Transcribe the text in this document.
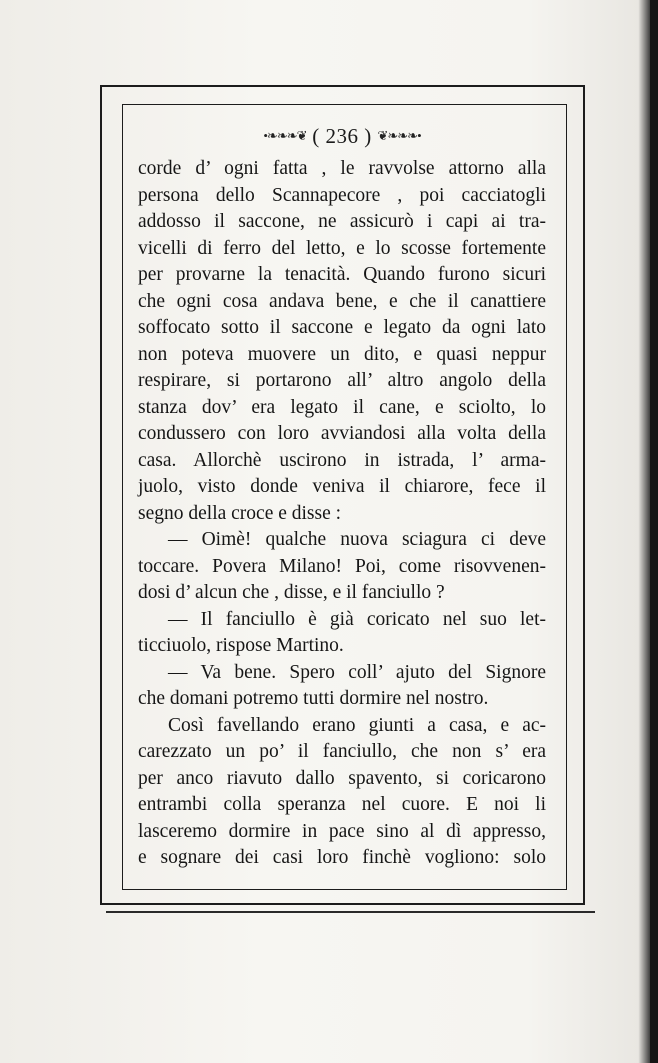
•❧❧❧❦ ( 236 ) ❦❧❧❧•
corde d’ ogni fatta , le ravvolse attorno alla
persona dello Scannapecore , poi cacciatogli
addosso il saccone, ne assicurò i capi ai tra-
vicelli di ferro del letto, e lo scosse fortemente
per provarne la tenacità. Quando furono sicuri
che ogni cosa andava bene, e che il canattiere
soffocato sotto il saccone e legato da ogni lato
non poteva muovere un dito, e quasi neppur
respirare, si portarono all’ altro angolo della
stanza dov’ era legato il cane, e sciolto, lo
condussero con loro avviandosi alla volta della
casa. Allorchè uscirono in istrada, l’ arma-
juolo, visto donde veniva il chiarore, fece il
segno della croce e disse :
— Oimè! qualche nuova sciagura ci deve
toccare. Povera Milano! Poi, come risovvenen-
dosi d’ alcun che , disse, e il fanciullo ?
— Il fanciullo è già coricato nel suo let-
ticciuolo, rispose Martino.
— Va bene. Spero coll’ ajuto del Signore
che domani potremo tutti dormire nel nostro.
Così favellando erano giunti a casa, e ac-
carezzato un po’ il fanciullo, che non s’ era
per anco riavuto dallo spavento, si coricarono
entrambi colla speranza nel cuore. E noi li
lasceremo dormire in pace sino al dì appresso,
e sognare dei casi loro finchè vogliono: solo
